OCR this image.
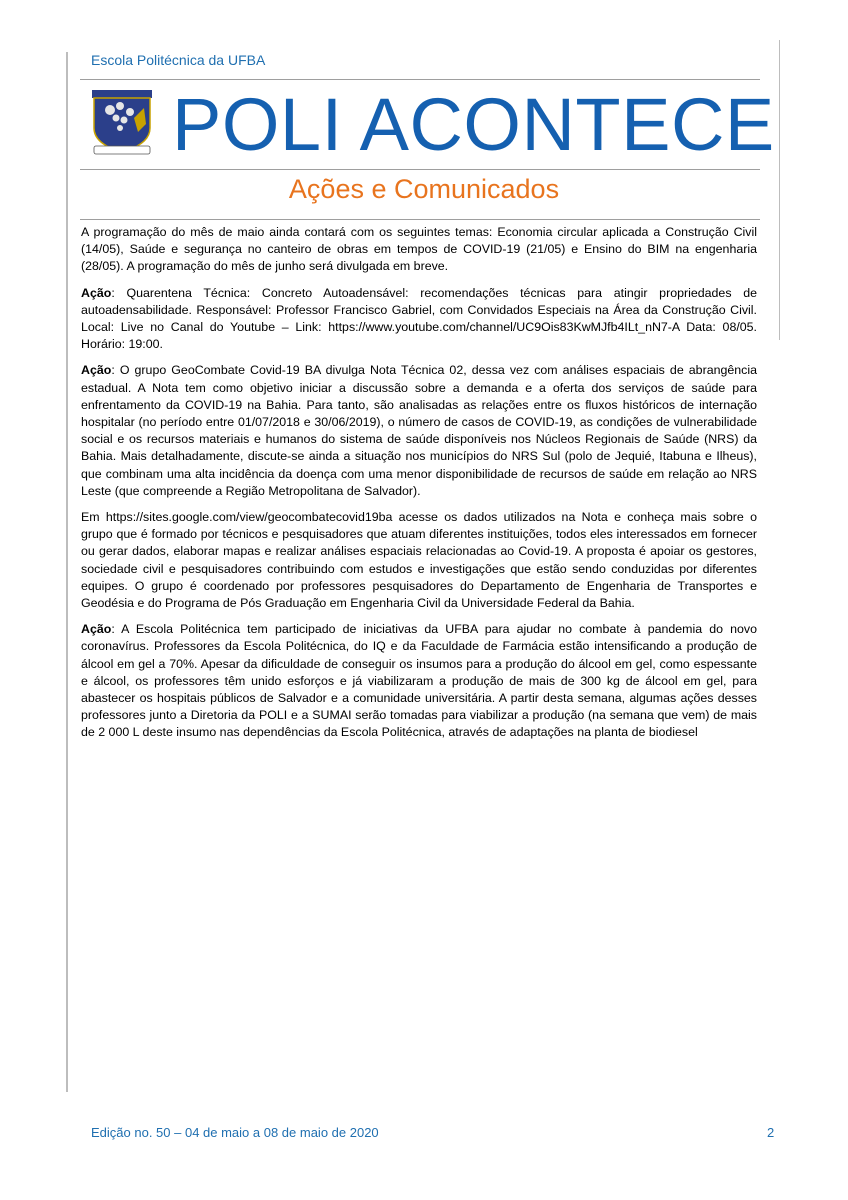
Escola Politécnica da UFBA
POLI ACONTECE
Ações e Comunicados

A programação do mês de maio ainda contará com os seguintes temas: Economia circular aplicada a Construção Civil (14/05), Saúde e segurança no canteiro de obras em tempos de COVID-19 (21/05) e Ensino do BIM na engenharia (28/05). A programação do mês de junho será divulgada em breve.

Ação: Quarentena Técnica: Concreto Autoadensável: recomendações técnicas para atingir propriedades de autoadensabilidade. Responsável: Professor Francisco Gabriel, com Convidados Especiais na Área da Construção Civil. Local: Live no Canal do Youtube – Link: https://www.youtube.com/channel/UC9Ois83KwMJfb4ILt_nN7-A Data: 08/05. Horário: 19:00.

Ação: O grupo GeoCombate Covid-19 BA divulga Nota Técnica 02, dessa vez com análises espaciais de abrangência estadual. A Nota tem como objetivo iniciar a discussão sobre a demanda e a oferta dos serviços de saúde para enfrentamento da COVID-19 na Bahia. Para tanto, são analisadas as relações entre os fluxos históricos de internação hospitalar (no período entre 01/07/2018 e 30/06/2019), o número de casos de COVID-19, as condições de vulnerabilidade social e os recursos materiais e humanos do sistema de saúde disponíveis nos Núcleos Regionais de Saúde (NRS) da Bahia. Mais detalhadamente, discute-se ainda a situação nos municípios do NRS Sul (polo de Jequié, Itabuna e Ilheus), que combinam uma alta incidência da doença com uma menor disponibilidade de recursos de saúde em relação ao NRS Leste (que compreende a Região Metropolitana de Salvador).

Em https://sites.google.com/view/geocombatecovid19ba acesse os dados utilizados na Nota e conheça mais sobre o grupo que é formado por técnicos e pesquisadores que atuam diferentes instituições, todos eles interessados em fornecer ou gerar dados, elaborar mapas e realizar análises espaciais relacionadas ao Covid-19. A proposta é apoiar os gestores, sociedade civil e pesquisadores contribuindo com estudos e investigações que estão sendo conduzidas por diferentes equipes. O grupo é coordenado por professores pesquisadores do Departamento de Engenharia de Transportes e Geodésia e do Programa de Pós Graduação em Engenharia Civil da Universidade Federal da Bahia.

Ação: A Escola Politécnica tem participado de iniciativas da UFBA para ajudar no combate à pandemia do novo coronavírus. Professores da Escola Politécnica, do IQ e da Faculdade de Farmácia estão intensificando a produção de álcool em gel a 70%. Apesar da dificuldade de conseguir os insumos para a produção do álcool em gel, como espessante e álcool, os professores têm unido esforços e já viabilizaram a produção de mais de 300 kg de álcool em gel, para abastecer os hospitais públicos de Salvador e a comunidade universitária. A partir desta semana, algumas ações desses professores junto a Diretoria da POLI e a SUMAI serão tomadas para viabilizar a produção (na semana que vem) de mais de 2 000 L deste insumo nas dependências da Escola Politécnica, através de adaptações na planta de biodiesel

Edição no. 50 – 04 de maio a 08 de maio de 2020	2
